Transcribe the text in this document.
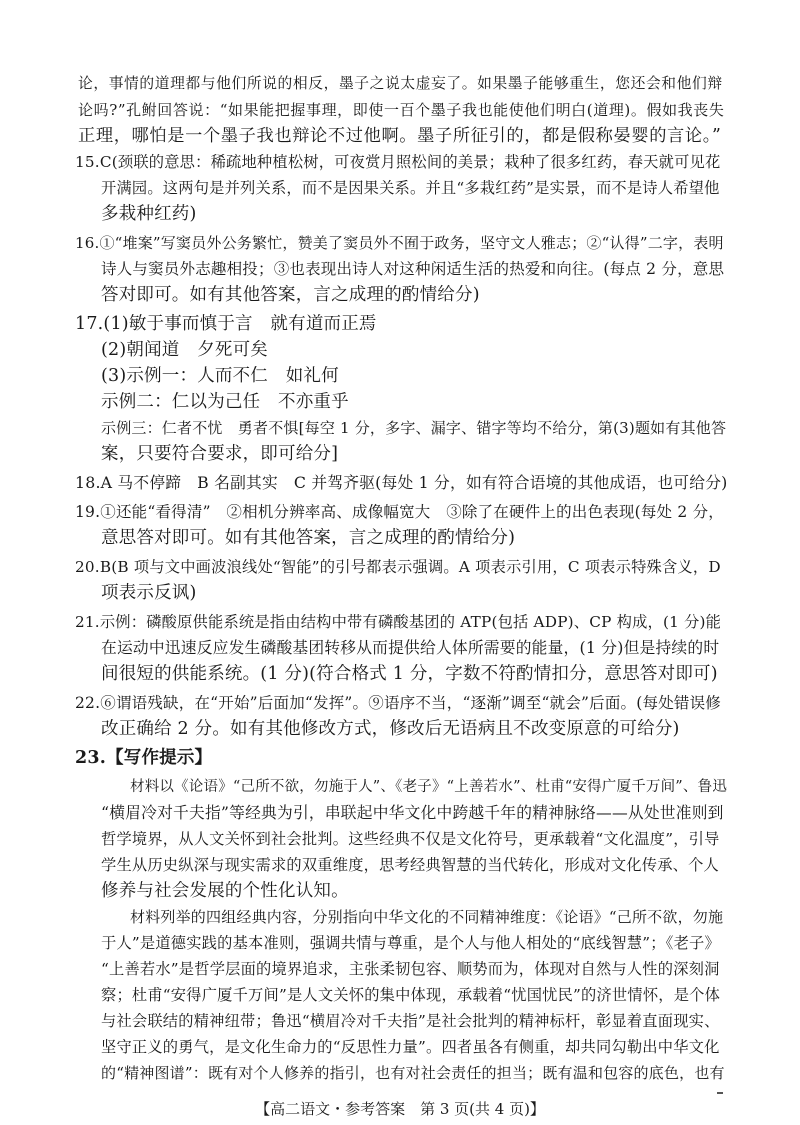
论，事情的道理都与他们所说的相反，墨子之说太虚妄了。如果墨子能够重生，您还会和他们辩
论吗?”孔鲋回答说：“如果能把握事理，即使一百个墨子我也能使他们明白(道理)。假如我丧失
正理，哪怕是一个墨子我也辩论不过他啊。墨子所征引的，都是假称晏婴的言论。”
15.C(颈联的意思：稀疏地种植松树，可夜赏月照松间的美景；栽种了很多红药，春天就可见花
开满园。这两句是并列关系，而不是因果关系。并且“多栽红药”是实景，而不是诗人希望他
多栽种红药)
16.①“堆案”写窦员外公务繁忙，赞美了窦员外不囿于政务，坚守文人雅志；②“认得”二字，表明
诗人与窦员外志趣相投；③也表现出诗人对这种闲适生活的热爱和向往。(每点 2 分，意思
答对即可。如有其他答案，言之成理的酌情给分)
17.(1)敏于事而慎于言　就有道而正焉
(2)朝闻道　夕死可矣
(3)示例一：人而不仁　如礼何
示例二：仁以为己任　不亦重乎
示例三：仁者不忧　勇者不惧[每空 1 分，多字、漏字、错字等均不给分，第(3)题如有其他答
案，只要符合要求，即可给分]
18.A 马不停蹄　B 名副其实　C 并驾齐驱(每处 1 分，如有符合语境的其他成语，也可给分)
19.①还能“看得清”　②相机分辨率高、成像幅宽大　③除了在硬件上的出色表现(每处 2 分，
意思答对即可。如有其他答案，言之成理的酌情给分)
20.B(B 项与文中画波浪线处“智能”的引号都表示强调。A 项表示引用，C 项表示特殊含义，D
项表示反讽)
21.示例：磷酸原供能系统是指由结构中带有磷酸基团的 ATP(包括 ADP)、CP 构成，(1 分)能
在运动中迅速反应发生磷酸基团转移从而提供给人体所需要的能量，(1 分)但是持续的时
间很短的供能系统。(1 分)(符合格式 1 分，字数不符酌情扣分，意思答对即可)
22.⑥谓语残缺，在“开始”后面加“发挥”。⑨语序不当，“逐渐”调至“就会”后面。(每处错误修
改正确给 2 分。如有其他修改方式，修改后无语病且不改变原意的可给分)
23.【写作提示】
材料以《论语》“己所不欲，勿施于人”、《老子》“上善若水”、杜甫“安得广厦千万间”、鲁迅
“横眉冷对千夫指”等经典为引，串联起中华文化中跨越千年的精神脉络——从处世准则到
哲学境界，从人文关怀到社会批判。这些经典不仅是文化符号，更承载着“文化温度”，引导
学生从历史纵深与现实需求的双重维度，思考经典智慧的当代转化，形成对文化传承、个人
修养与社会发展的个性化认知。
材料列举的四组经典内容，分别指向中华文化的不同精神维度：《论语》“己所不欲，勿施
于人”是道德实践的基本准则，强调共情与尊重，是个人与他人相处的“底线智慧”；《老子》
“上善若水”是哲学层面的境界追求，主张柔韧包容、顺势而为，体现对自然与人性的深刻洞
察；杜甫“安得广厦千万间”是人文关怀的集中体现，承载着“忧国忧民”的济世情怀，是个体
与社会联结的精神纽带；鲁迅“横眉冷对千夫指”是社会批判的精神标杆，彰显着直面现实、
坚守正义的勇气，是文化生命力的“反思性力量”。四者虽各有侧重，却共同勾勒出中华文化
的“精神图谱”：既有对个人修养的指引，也有对社会责任的担当；既有温和包容的底色，也有
【高二语文・参考答案　第 3 页(共 4 页)】
